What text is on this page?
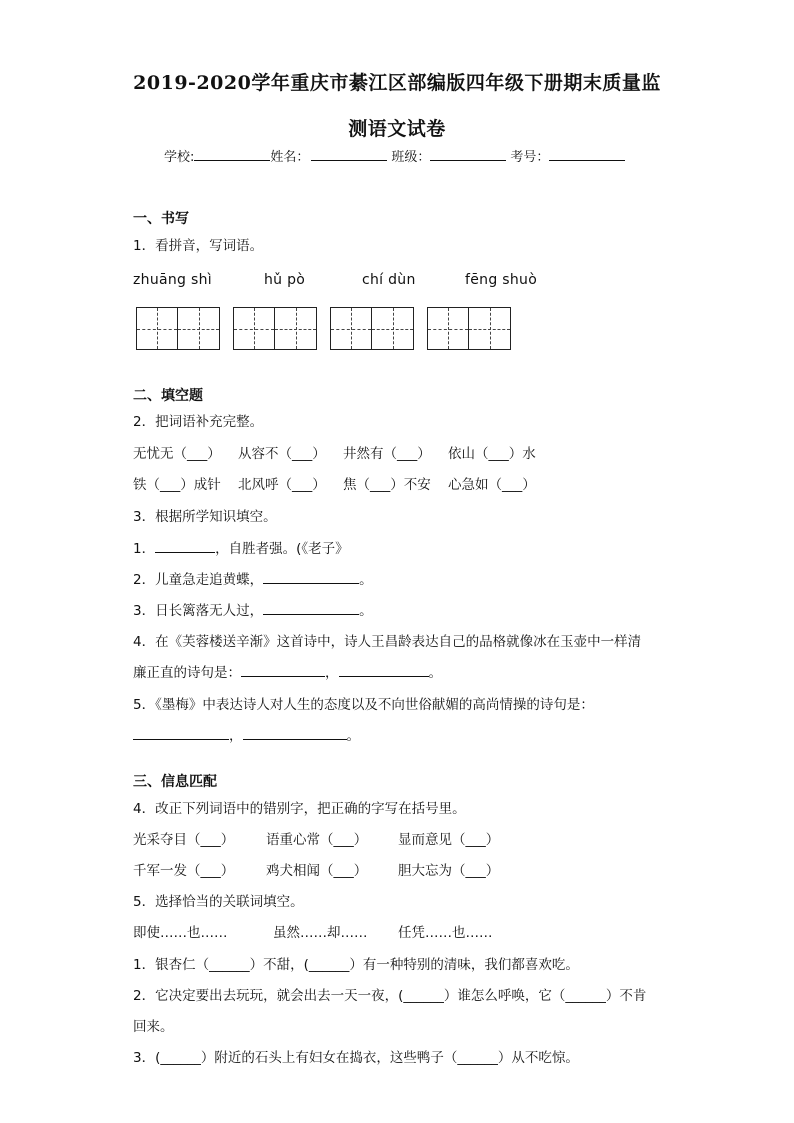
2019-2020学年重庆市綦江区部编版四年级下册期末质量监
测语文试卷
学校:	姓名：	班级：	考号：
一、书写
1．看拼音，写词语。
zhuāng shì	hǔ pò	chí dùn	fēng shuò
二、填空题
2．把词语补充完整。
无忧无（___） 从容不（___） 井然有（___） 依山（___）水
铁（___）成针 北风呼（___） 焦（___）不安 心急如（___）
3．根据所学知识填空。
1．	，自胜者强。(《老子》
2．儿童急走追黄蝶，	。
3．日长篱落无人过，	。
4．在《芙蓉楼送辛渐》这首诗中，诗人王昌龄表达自己的品格就像冰在玉壶中一样清
廉正直的诗句是：	，	。
5．《墨梅》中表达诗人对人生的态度以及不向世俗献媚的高尚情操的诗句是：
，	。
三、信息匹配
4．改正下列词语中的错别字，把正确的字写在括号里。
光采夺目（___） 语重心常（___） 显而意见（___）
千军一发（___） 鸡犬相闻（___） 胆大忘为（___）
5．选择恰当的关联词填空。
即使……也……	虽然……却…… 任凭……也……
1．银杏仁（______）不甜，(______）有一种特别的清味，我们都喜欢吃。
2．它决定要出去玩玩，就会出去一天一夜，(______）谁怎么呼唤，它（______）不肯
回来。
3．(______）附近的石头上有妇女在捣衣，这些鸭子（______）从不吃惊。
